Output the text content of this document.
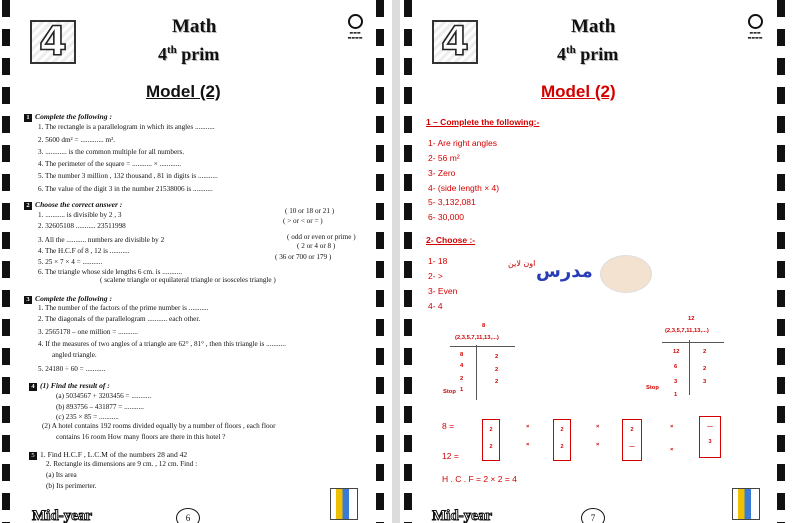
4	Math
4th prim
▬▬▬
▬▬▬▬
Model (2)
1 Complete the following :
1. The rectangle is a parallelogram in which its angles ...........
2. 5600 dm² = ............. m².
3. ............ is the common multiple for all numbers.
4. The perimeter of the square = ........... × ............
5. The number 3 million , 132 thousand , 81 in digits is ...........
6. The value of the digit 3 in the number 21538006 is ...........
2 Choose the correct answer :
1. ........... is divisible by 2 , 3	( 10 or 18 or 21 )
2. 32605108 ........... 23511998
( > or < or = )
3. All the ........... numbers are divisible by 2	( odd or even or prime )
4. The H.C.F of 8 , 12 is ...........
( 2 or 4 or 8 )
5. 25 × 7 × 4 = ...........
( 36 or 700 or 179 )
6. The triangle whose side lengths 6 cm. is ...........
( scalene triangle or equilateral triangle or isosceles triangle )
3 Complete the following :
1. The number of the factors of the prime number is ...........
2. The diagonals of the parallelogram ........... each other.
3. 2565178 – one million = ...........
4. If the measures of two angles of a triangle are 62° , 81° , then this triangle is ...........
angled triangle.
5. 24180 ÷ 60 = ...........
4 (1) Find the result of :
(a) 5034567 + 3203456 = ...........
(b) 893756 – 431877 = ...........
(c) 235 × 85 = ...........
(2) A hotel contains 192 rooms divided equally by a number of floors , each floor
contains 16 room How many floors are there in this hotel ?
5 1. Find H.C.F , L.C.M of the numbers 28 and 42
2. Rectangle its dimensions are 9 cm. , 12 cm. Find :
(a) Its area
(b) Its perimerter.
Mid-year	6
4	Math
4th prim
▬▬▬
▬▬▬▬
Model (2)
1 – Complete the following:-
1- Are right angles
2- 56 m²
3- Zero
4- (side length × 4)
5- 3,132,081
6- 30,000
2- Choose :-
1- 18
2- >
3- Even
4- 4
مدرس
اون لاين
8
(2,3,5,7,11,13,...)
8
4
2
1
Stop
2
2
2
12
(2,3,5,7,11,13,...)
12
6
3
1
Stop
2
2
3
8 =
12 =
2
2
×
×
2
2
×
×
2
—
×
×
—
3
H . C . F = 2 × 2 = 4
Mid-year	7
